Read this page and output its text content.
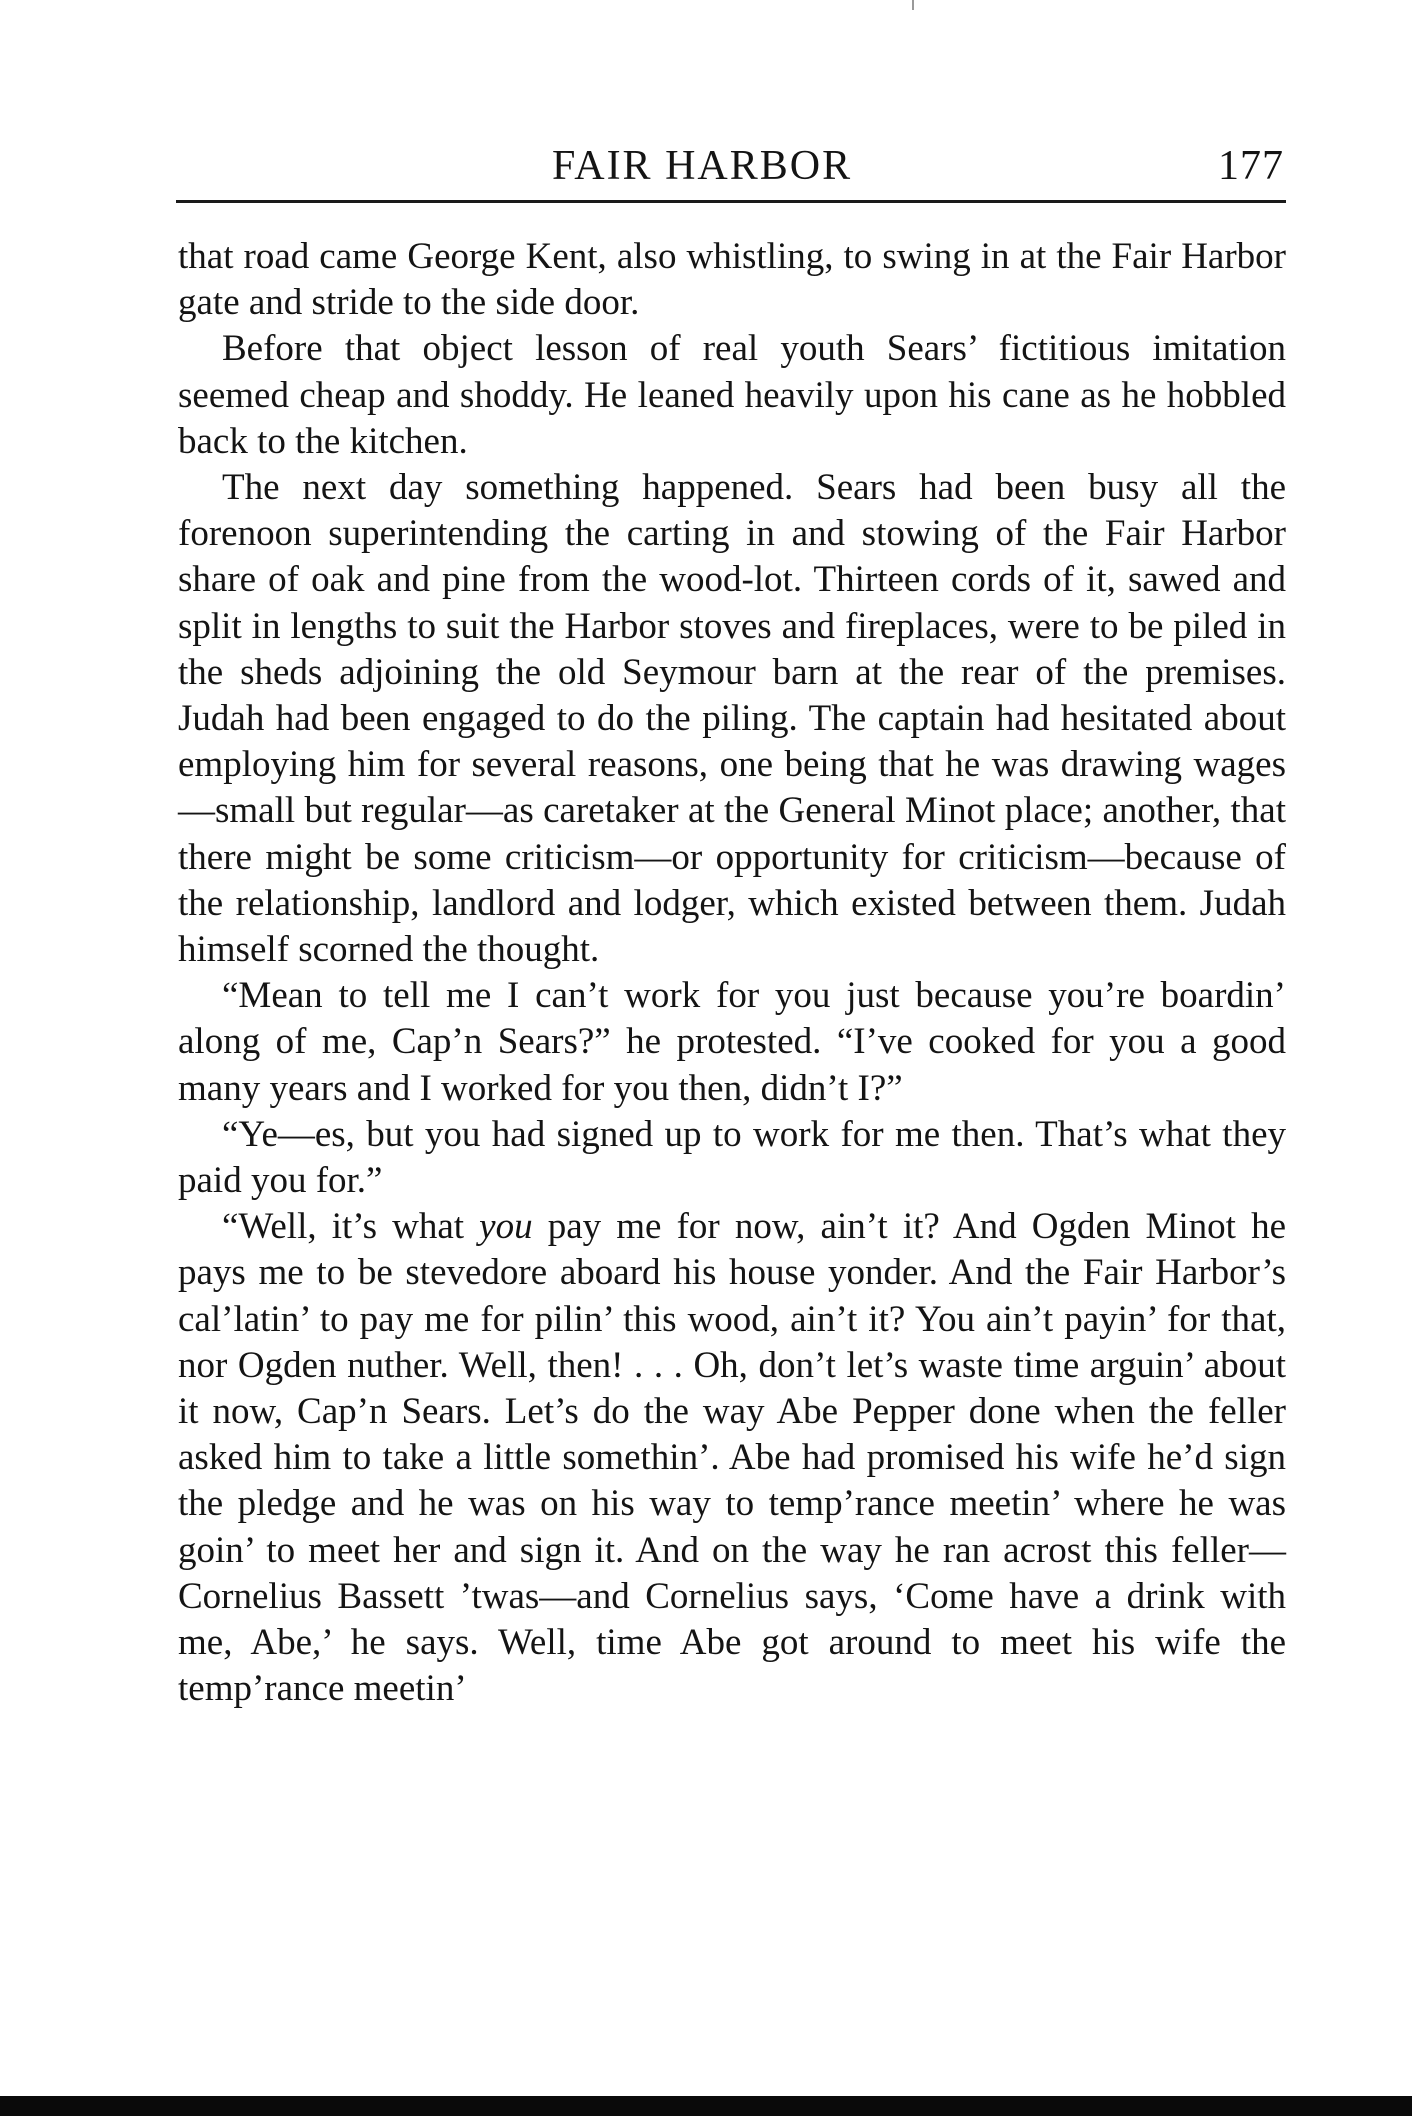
FAIR HARBOR	177

that road came George Kent, also whistling, to swing in at the Fair Harbor gate and stride to the side door.

Before that object lesson of real youth Sears’ fictitious imitation seemed cheap and shoddy. He leaned heavily upon his cane as he hobbled back to the kitchen.

The next day something happened. Sears had been busy all the forenoon superintending the carting in and stowing of the Fair Harbor share of oak and pine from the wood-lot. Thirteen cords of it, sawed and split in lengths to suit the Harbor stoves and fireplaces, were to be piled in the sheds adjoining the old Seymour barn at the rear of the premises. Judah had been engaged to do the piling. The captain had hesitated about employing him for several reasons, one being that he was drawing wages—small but regular—as caretaker at the General Minot place; another, that there might be some criticism—or opportunity for criticism—because of the relationship, landlord and lodger, which existed between them. Judah himself scorned the thought.

“Mean to tell me I can’t work for you just because you’re boardin’ along of me, Cap’n Sears?” he protested. “I’ve cooked for you a good many years and I worked for you then, didn’t I?”

“Ye—es, but you had signed up to work for me then. That’s what they paid you for.”

“Well, it’s what you pay me for now, ain’t it? And Ogden Minot he pays me to be stevedore aboard his house yonder. And the Fair Harbor’s cal’latin’ to pay me for pilin’ this wood, ain’t it? You ain’t payin’ for that, nor Ogden nuther. Well, then! . . . Oh, don’t let’s waste time arguin’ about it now, Cap’n Sears. Let’s do the way Abe Pepper done when the feller asked him to take a little somethin’. Abe had promised his wife he’d sign the pledge and he was on his way to temp’rance meetin’ where he was goin’ to meet her and sign it. And on the way he ran acrost this feller—Cornelius Bassett ’twas—and Cornelius says, ‘Come have a drink with me, Abe,’ he says. Well, time Abe got around to meet his wife the temp’rance meetin’
